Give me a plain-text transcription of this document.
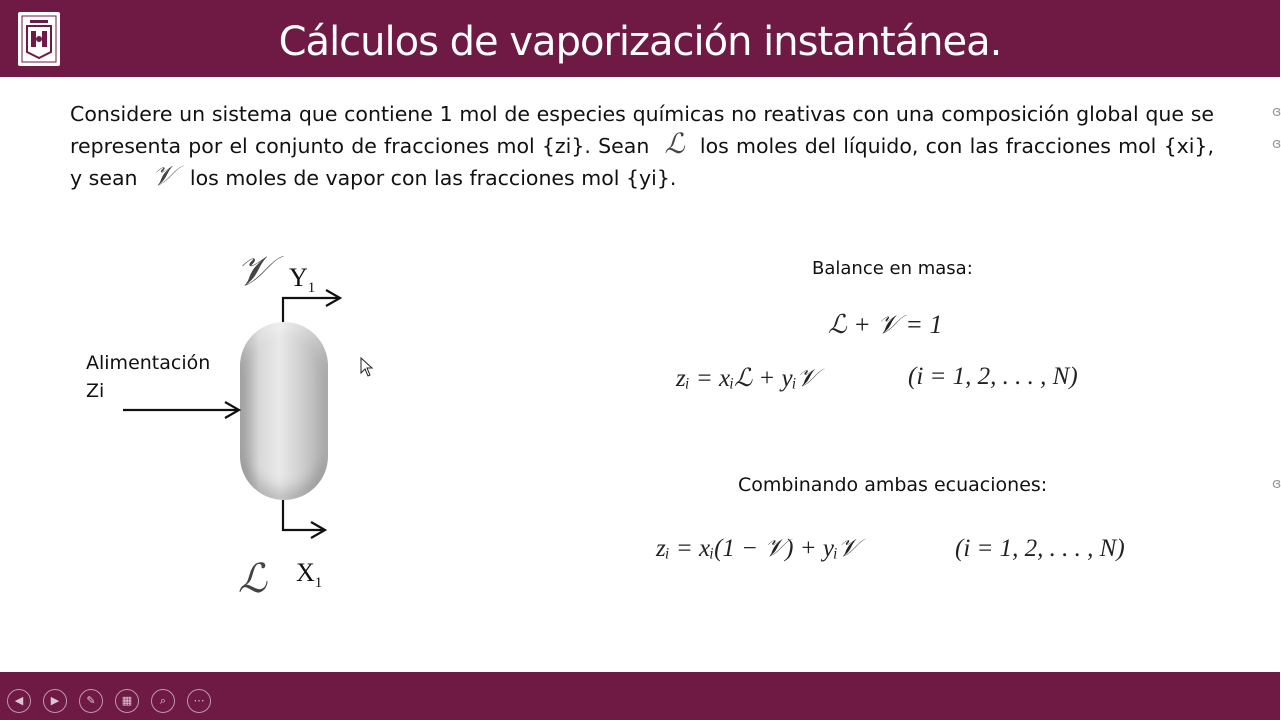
Cálculos de vaporización instantánea.
Considere un sistema que contiene 1 mol de especies químicas no reativas con una composición global que se representa por el conjunto de fracciones mol {zi}. Sean ℒ los moles del líquido, con las fracciones mol {xi}, y sean 𝒱 los moles de vapor con las fracciones mol {yi}.
𝒱 $Y_1$
Alimentación
Zi
ℒ $X_1$
Balance en masa:
ℒ + 𝒱 = 1
zᵢ = xᵢℒ + yᵢ𝒱	(i = 1, 2, . . . , N)
Combinando ambas ecuaciones:
zᵢ = xᵢ(1 − 𝒱) + yᵢ𝒱	(i = 1, 2, . . . , N)
ɞ
ɞ
ɞ
◀	▶	✎	▦	⌕	⋯
